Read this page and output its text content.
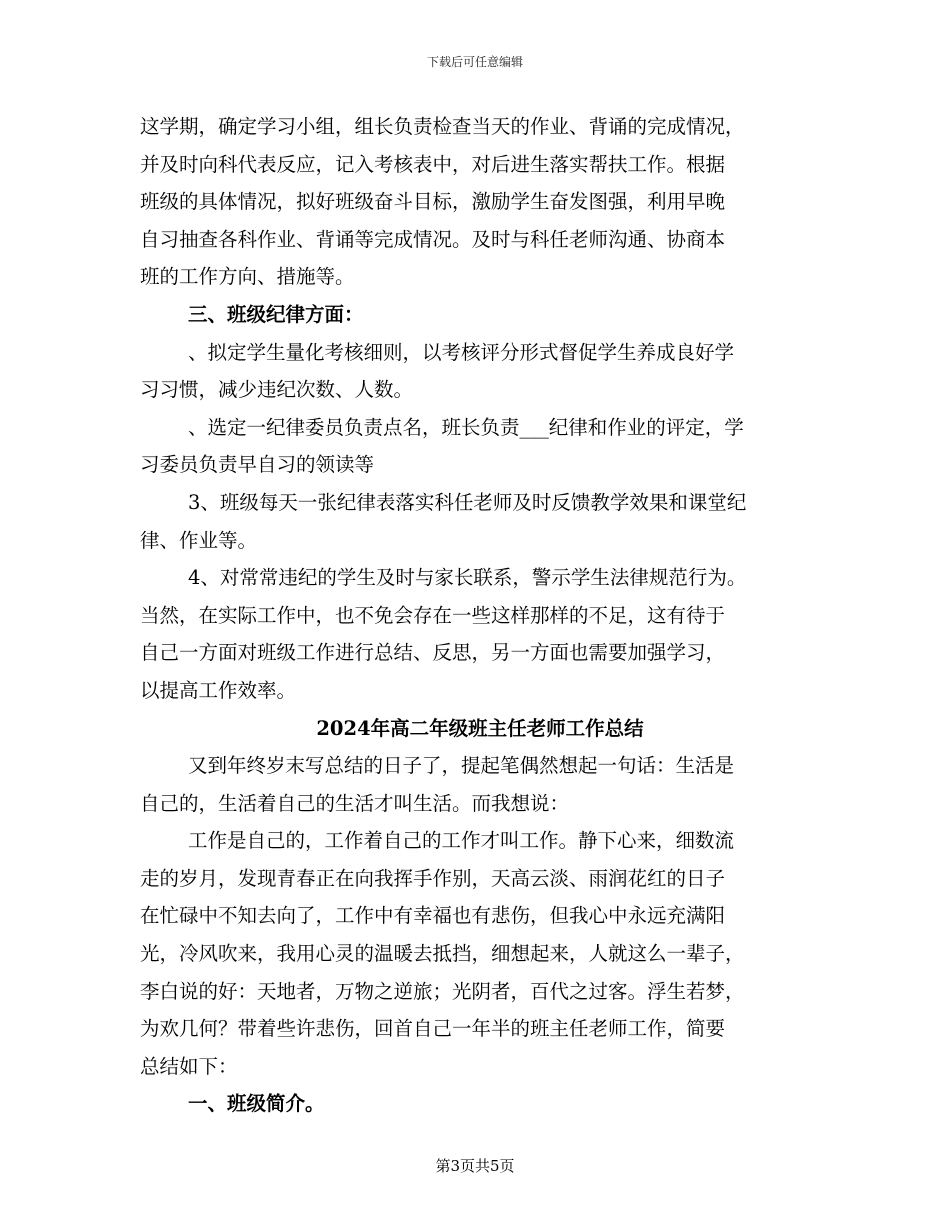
下载后可任意编辑
这学期，确定学习小组，组长负责检查当天的作业、背诵的完成情况，
并及时向科代表反应，记入考核表中，对后进生落实帮扶工作。根据
班级的具体情况，拟好班级奋斗目标，激励学生奋发图强，利用早晚
自习抽查各科作业、背诵等完成情况。及时与科任老师沟通、协商本
班的工作方向、措施等。
三、班级纪律方面：
、拟定学生量化考核细则，以考核评分形式督促学生养成良好学
习习惯，减少违纪次数、人数。
、选定一纪律委员负责点名，班长负责___纪律和作业的评定，学
习委员负责早自习的领读等
3、班级每天一张纪律表落实科任老师及时反馈教学效果和课堂纪
律、作业等。
4、对常常违纪的学生及时与家长联系，警示学生法律规范行为。
当然，在实际工作中，也不免会存在一些这样那样的不足，这有待于
自己一方面对班级工作进行总结、反思，另一方面也需要加强学习，
以提高工作效率。
2024年高二年级班主任老师工作总结
又到年终岁末写总结的日子了，提起笔偶然想起一句话：生活是
自己的，生活着自己的生活才叫生活。而我想说：
工作是自己的，工作着自己的工作才叫工作。静下心来，细数流
走的岁月，发现青春正在向我挥手作别，天高云淡、雨润花红的日子
在忙碌中不知去向了，工作中有幸福也有悲伤，但我心中永远充满阳
光，冷风吹来，我用心灵的温暖去抵挡，细想起来，人就这么一辈子，
李白说的好：天地者，万物之逆旅；光阴者，百代之过客。浮生若梦，
为欢几何？带着些许悲伤，回首自己一年半的班主任老师工作，简要
总结如下：
一、班级简介。
第3页共5页
